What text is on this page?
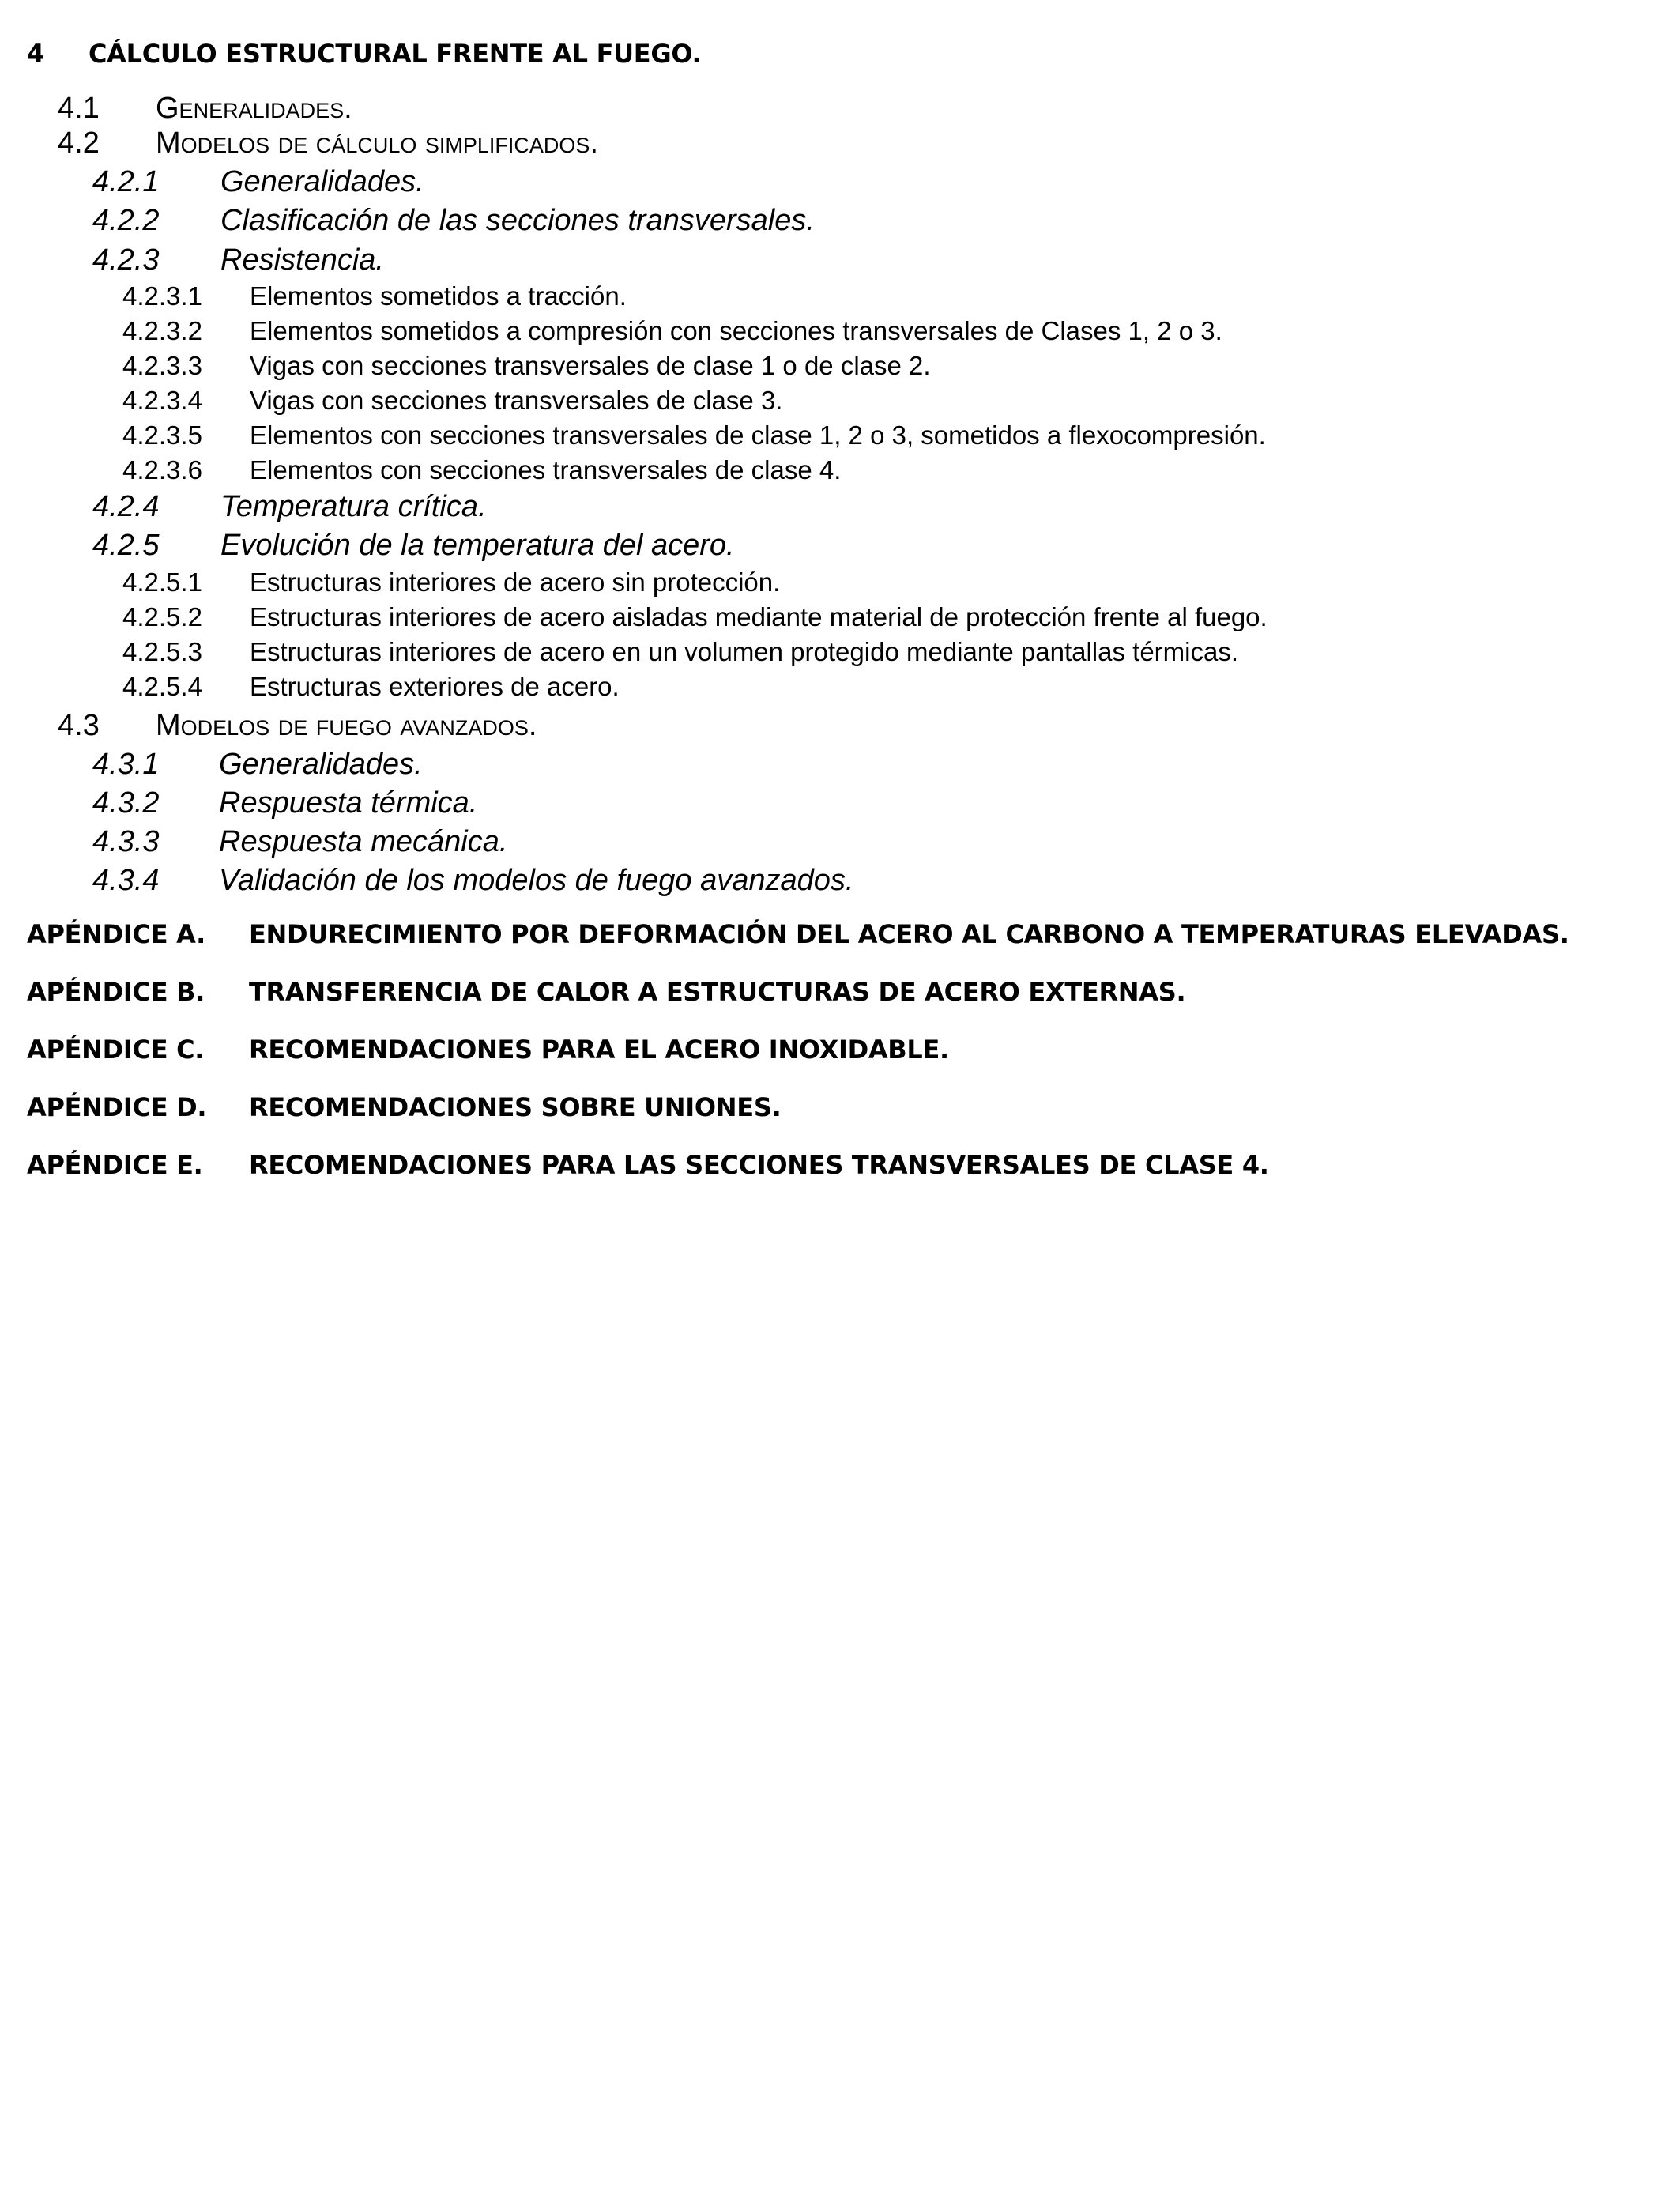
4 CÁLCULO ESTRUCTURAL FRENTE AL FUEGO.
4.1 Generalidades.
4.2 Modelos de cálculo simplificados.
4.2.1 Generalidades.
4.2.2 Clasificación de las secciones transversales.
4.2.3 Resistencia.
4.2.3.1 Elementos sometidos a tracción.
4.2.3.2 Elementos sometidos a compresión con secciones transversales de Clases 1, 2 o 3.
4.2.3.3 Vigas con secciones transversales de clase 1 o de clase 2.
4.2.3.4 Vigas con secciones transversales de clase 3.
4.2.3.5 Elementos con secciones transversales de clase 1, 2 o 3, sometidos a flexocompresión.
4.2.3.6 Elementos con secciones transversales de clase 4.
4.2.4 Temperatura crítica.
4.2.5 Evolución de la temperatura del acero.
4.2.5.1 Estructuras interiores de acero sin protección.
4.2.5.2 Estructuras interiores de acero aisladas mediante material de protección frente al fuego.
4.2.5.3 Estructuras interiores de acero en un volumen protegido mediante pantallas térmicas.
4.2.5.4 Estructuras exteriores de acero.
4.3 Modelos de fuego avanzados.
4.3.1 Generalidades.
4.3.2 Respuesta térmica.
4.3.3 Respuesta mecánica.
4.3.4 Validación de los modelos de fuego avanzados.
APÉNDICE A. ENDURECIMIENTO POR DEFORMACIÓN DEL ACERO AL CARBONO A TEMPERATURAS ELEVADAS.
APÉNDICE B. TRANSFERENCIA DE CALOR A ESTRUCTURAS DE ACERO EXTERNAS.
APÉNDICE C. RECOMENDACIONES PARA EL ACERO INOXIDABLE.
APÉNDICE D. RECOMENDACIONES SOBRE UNIONES.
APÉNDICE E. RECOMENDACIONES PARA LAS SECCIONES TRANSVERSALES DE CLASE 4.
